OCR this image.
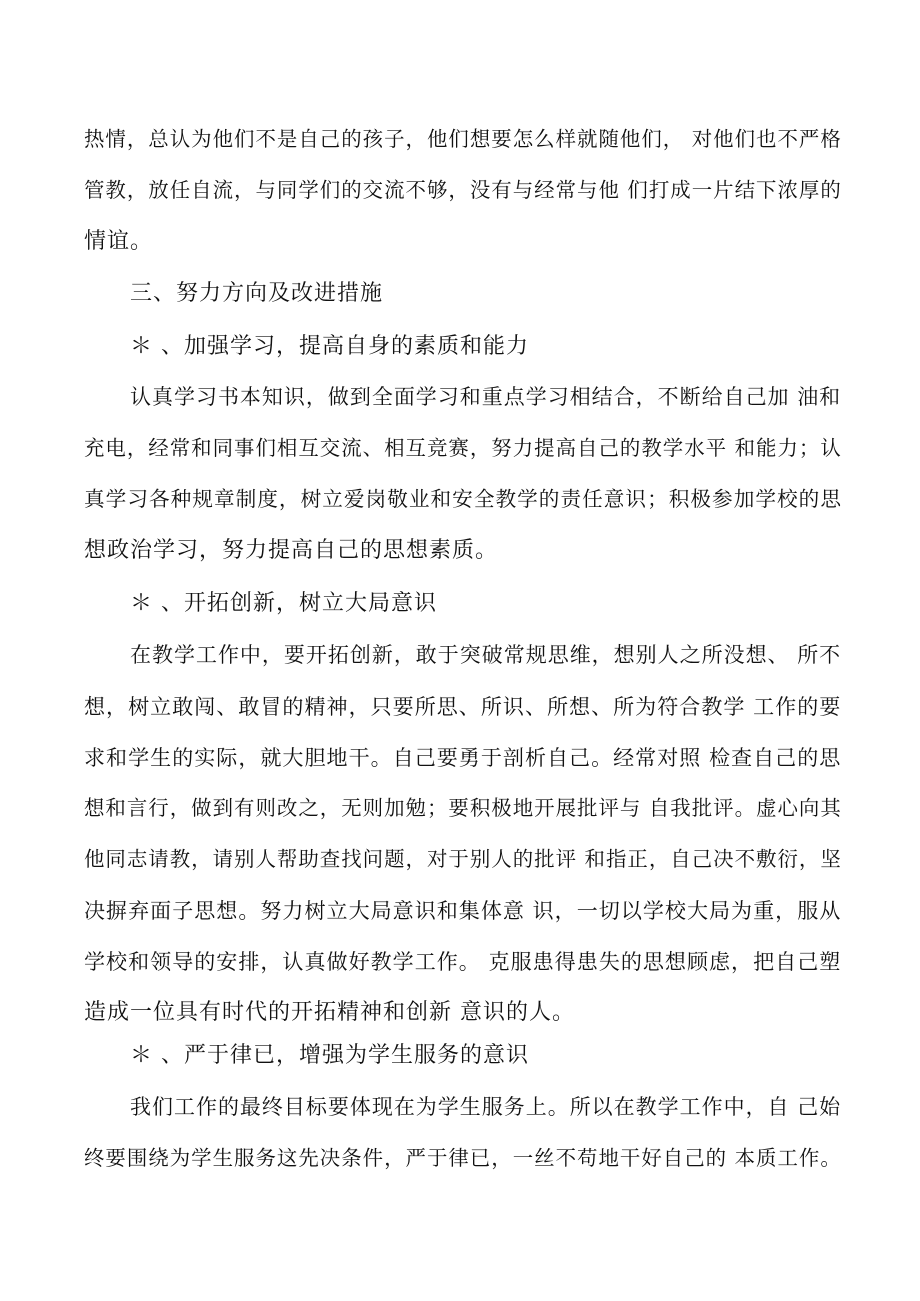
热情，总认为他们不是自己的孩子，他们想要怎么样就随他们， 对他们也不严格
管教，放任自流，与同学们的交流不够，没有与经常与他 们打成一片结下浓厚的
情谊。
三、努力方向及改进措施
＊ 、加强学习，提高自身的素质和能力
认真学习书本知识，做到全面学习和重点学习相结合，不断给自己加 油和
充电，经常和同事们相互交流、相互竞赛，努力提高自己的教学水平 和能力；认
真学习各种规章制度，树立爱岗敬业和安全教学的责任意识；积极参加学校的思
想政治学习，努力提高自己的思想素质。
＊ 、开拓创新，树立大局意识
在教学工作中，要开拓创新，敢于突破常规思维，想别人之所没想、 所不
想，树立敢闯、敢冒的精神，只要所思、所识、所想、所为符合教学 工作的要
求和学生的实际，就大胆地干。自己要勇于剖析自己。经常对照 检查自己的思
想和言行，做到有则改之，无则加勉；要积极地开展批评与 自我批评。虚心向其
他同志请教，请别人帮助查找问题，对于别人的批评 和指正，自己决不敷衍，坚
决摒弃面子思想。努力树立大局意识和集体意 识，一切以学校大局为重，服从
学校和领导的安排，认真做好教学工作。 克服患得患失的思想顾虑，把自己塑
造成一位具有时代的开拓精神和创新 意识的人。
＊ 、严于律已，增强为学生服务的意识
我们工作的最终目标要体现在为学生服务上。所以在教学工作中，自 己始
终要围绕为学生服务这先决条件，严于律已，一丝不苟地干好自己的 本质工作。
